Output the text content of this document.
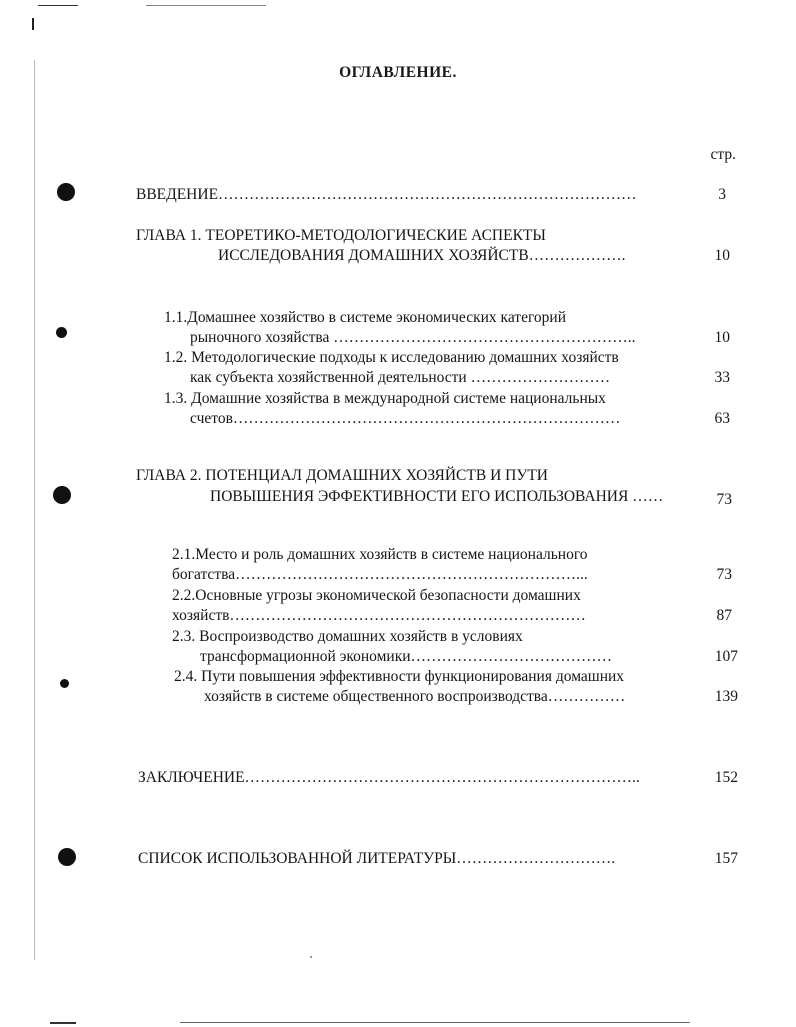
ОГЛАВЛЕНИЕ.
стр.
ВВЕДЕНИЕ………………………………………………………………………	3
ГЛАВА 1. ТЕОРЕТИКО-МЕТОДОЛОГИЧЕСКИЕ АСПЕКТЫ
ИССЛЕДОВАНИЯ ДОМАШНИХ ХОЗЯЙСТВ……………….	10
1.1.Домашнее хозяйство в системе экономических категорий
рыночного хозяйства …………………………………………………..	10
1.2. Методологические подходы к исследованию домашних хозяйств
как субъекта хозяйственной деятельности ………………………	33
1.3. Домашние хозяйства в международной системе национальных
счетов…………………………………………………………………	63
ГЛАВА 2. ПОТЕНЦИАЛ ДОМАШНИХ ХОЗЯЙСТВ И ПУТИ
ПОВЫШЕНИЯ ЭФФЕКТИВНОСТИ ЕГО ИСПОЛЬЗОВАНИЯ ……	73
2.1.Место и роль домашних хозяйств в системе национального
богатства…………………………………………………………...	73
2.2.Основные угрозы экономической безопасности домашних
хозяйств……………………………………………………………	87
2.3. Воспроизводство домашних хозяйств в условиях
трансформационной экономики…………………………………	107
2.4. Пути повышения эффективности функционирования домашних
хозяйств в системе общественного воспроизводства……………	139
ЗАКЛЮЧЕНИЕ…………………………………………………………………..	152
СПИСОК ИСПОЛЬЗОВАННОЙ ЛИТЕРАТУРЫ………………………….	157
